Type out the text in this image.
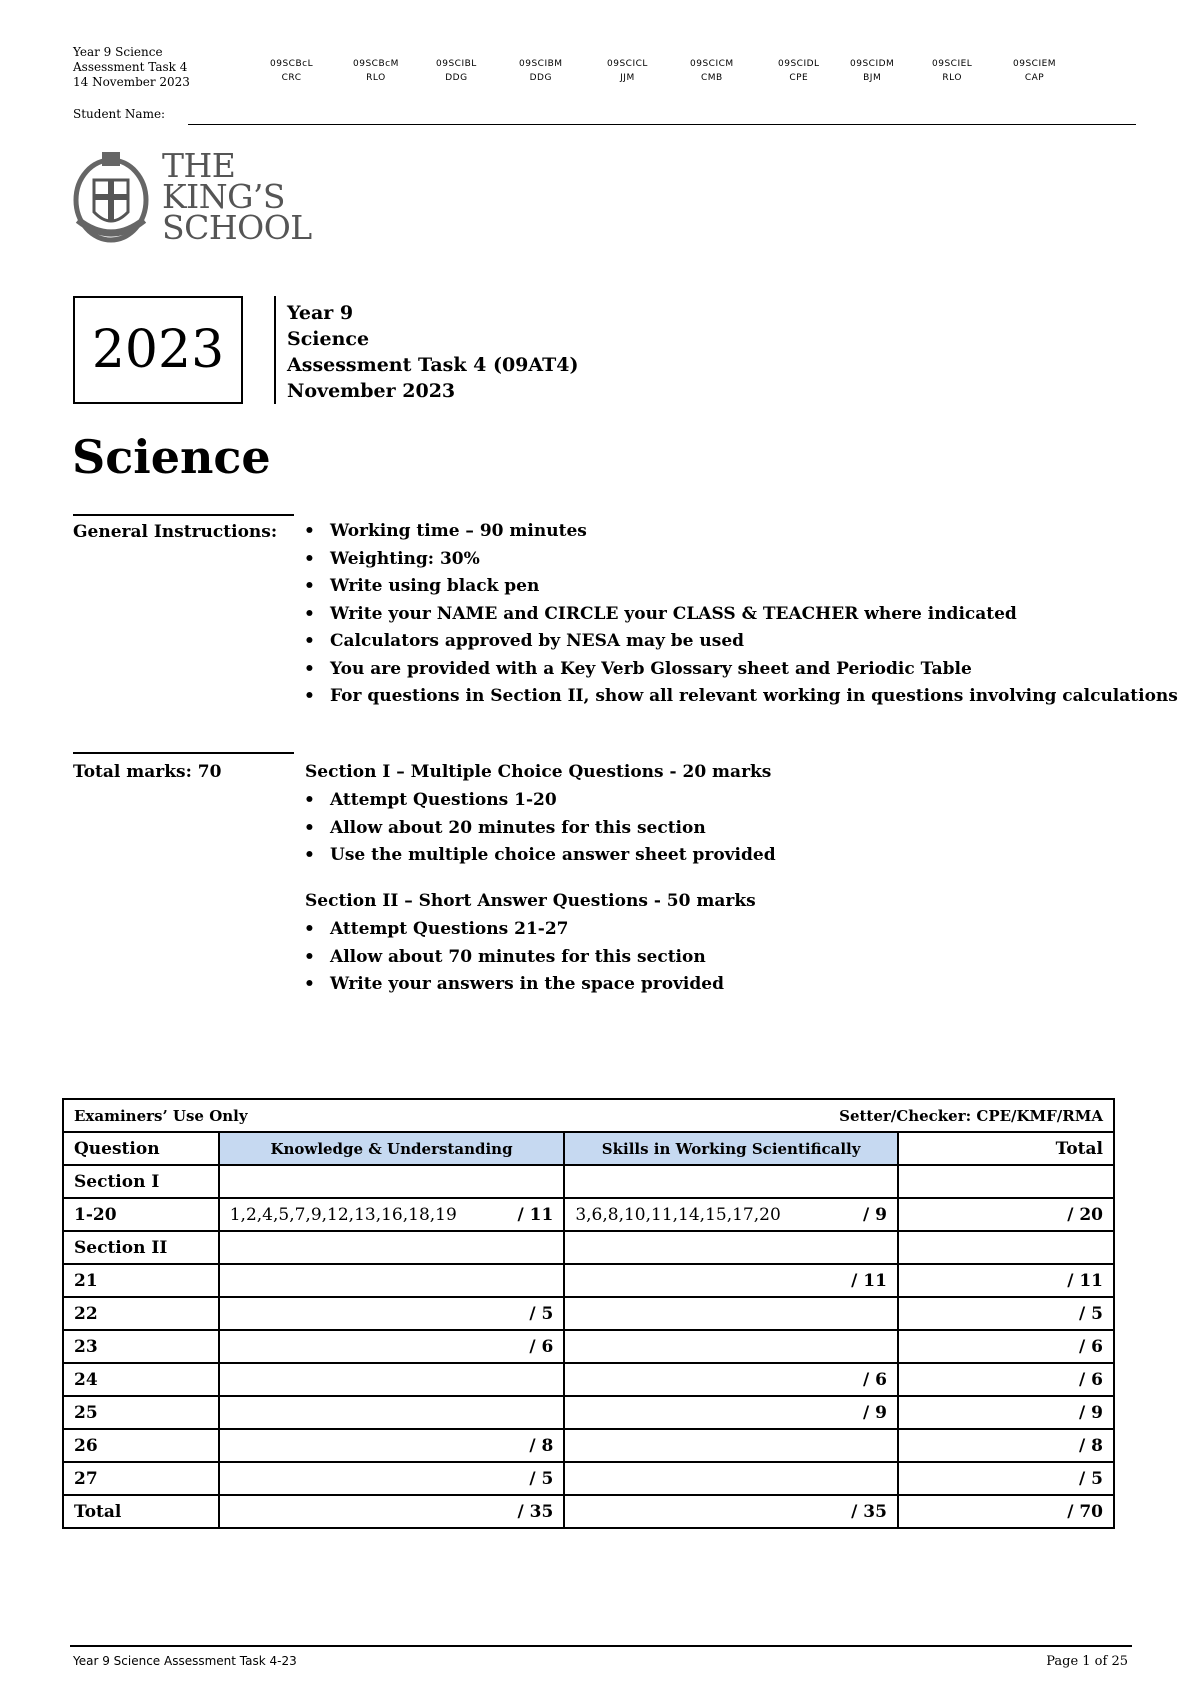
Year 9 Science
Assessment Task 4
14 November 2023
09SCBcL
CRC
09SCBcM
RLO
09SCIBL
DDG
09SCIBM
DDG
09SCICL
JJM
09SCICM
CMB
09SCIDL
CPE
09SCIDM
BJM
09SCIEL
RLO
09SCIEM
CAP
Student Name:
THE
KING’S
SCHOOL
2023
Year 9
Science
Assessment Task 4 (09AT4)
November 2023
Science
General Instructions:	• Working time – 90 minutes
• Weighting: 30%
• Write using black pen
• Write your NAME and CIRCLE your CLASS & TEACHER where indicated
• Calculators approved by NESA may be used
• You are provided with a Key Verb Glossary sheet and Periodic Table
• For questions in Section II, show all relevant working in questions involving calculations
Total marks: 70	Section I – Multiple Choice Questions - 20 marks
• Attempt Questions 1-20
• Allow about 20 minutes for this section
• Use the multiple choice answer sheet provided
Section II – Short Answer Questions - 50 marks
• Attempt Questions 21-27
• Allow about 70 minutes for this section
• Write your answers in the space provided
Examiners’ Use Only Setter/Checker: CPE/KMF/RMA			

Question	Knowledge & Understanding	Skills in Working Scientifically	Total
Section I			
1-20	1,2,4,5,7,9,12,13,16,18,19 / 11	3,6,8,10,11,14,15,17,20 / 9	/ 20
Section II			
21		/ 11	/ 11
22	/ 5		/ 5
23	/ 6		/ 6
24		/ 6	/ 6
25		/ 9	/ 9
26	/ 8		/ 8
27	/ 5		/ 5
Total	/ 35	/ 35	/ 70
Year 9 Science Assessment Task 4-23	Page 1 of 25
